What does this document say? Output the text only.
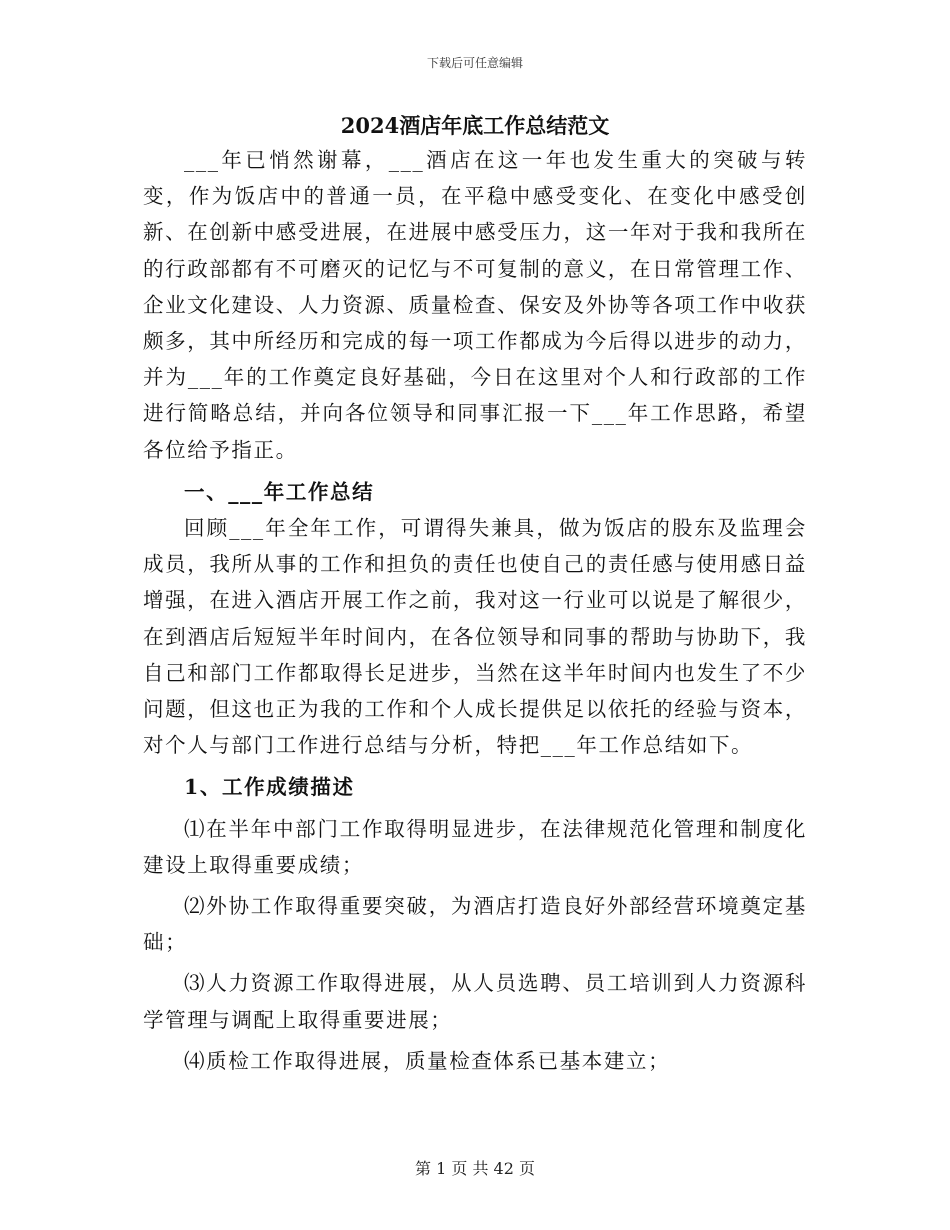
下载后可任意编辑
2024酒店年底工作总结范文

___年已悄然谢幕，___酒店在这一年也发生重大的突破与转变，作为饭店中的普通一员，在平稳中感受变化、在变化中感受创新、在创新中感受进展，在进展中感受压力，这一年对于我和我所在的行政部都有不可磨灭的记忆与不可复制的意义，在日常管理工作、企业文化建设、人力资源、质量检查、保安及外协等各项工作中收获颇多，其中所经历和完成的每一项工作都成为今后得以进步的动力，并为___年的工作奠定良好基础，今日在这里对个人和行政部的工作进行简略总结，并向各位领导和同事汇报一下___年工作思路，希望各位给予指正。

一、___年工作总结

回顾___年全年工作，可谓得失兼具，做为饭店的股东及监理会成员，我所从事的工作和担负的责任也使自己的责任感与使用感日益增强，在进入酒店开展工作之前，我对这一行业可以说是了解很少，在到酒店后短短半年时间内，在各位领导和同事的帮助与协助下，我自己和部门工作都取得长足进步，当然在这半年时间内也发生了不少问题，但这也正为我的工作和个人成长提供足以依托的经验与资本，对个人与部门工作进行总结与分析，特把___年工作总结如下。

1、工作成绩描述

⑴在半年中部门工作取得明显进步，在法律规范化管理和制度化建设上取得重要成绩；

⑵外协工作取得重要突破，为酒店打造良好外部经营环境奠定基础；

⑶人力资源工作取得进展，从人员选聘、员工培训到人力资源科学管理与调配上取得重要进展；

⑷质检工作取得进展，质量检查体系已基本建立；

第 1 页 共 42 页
